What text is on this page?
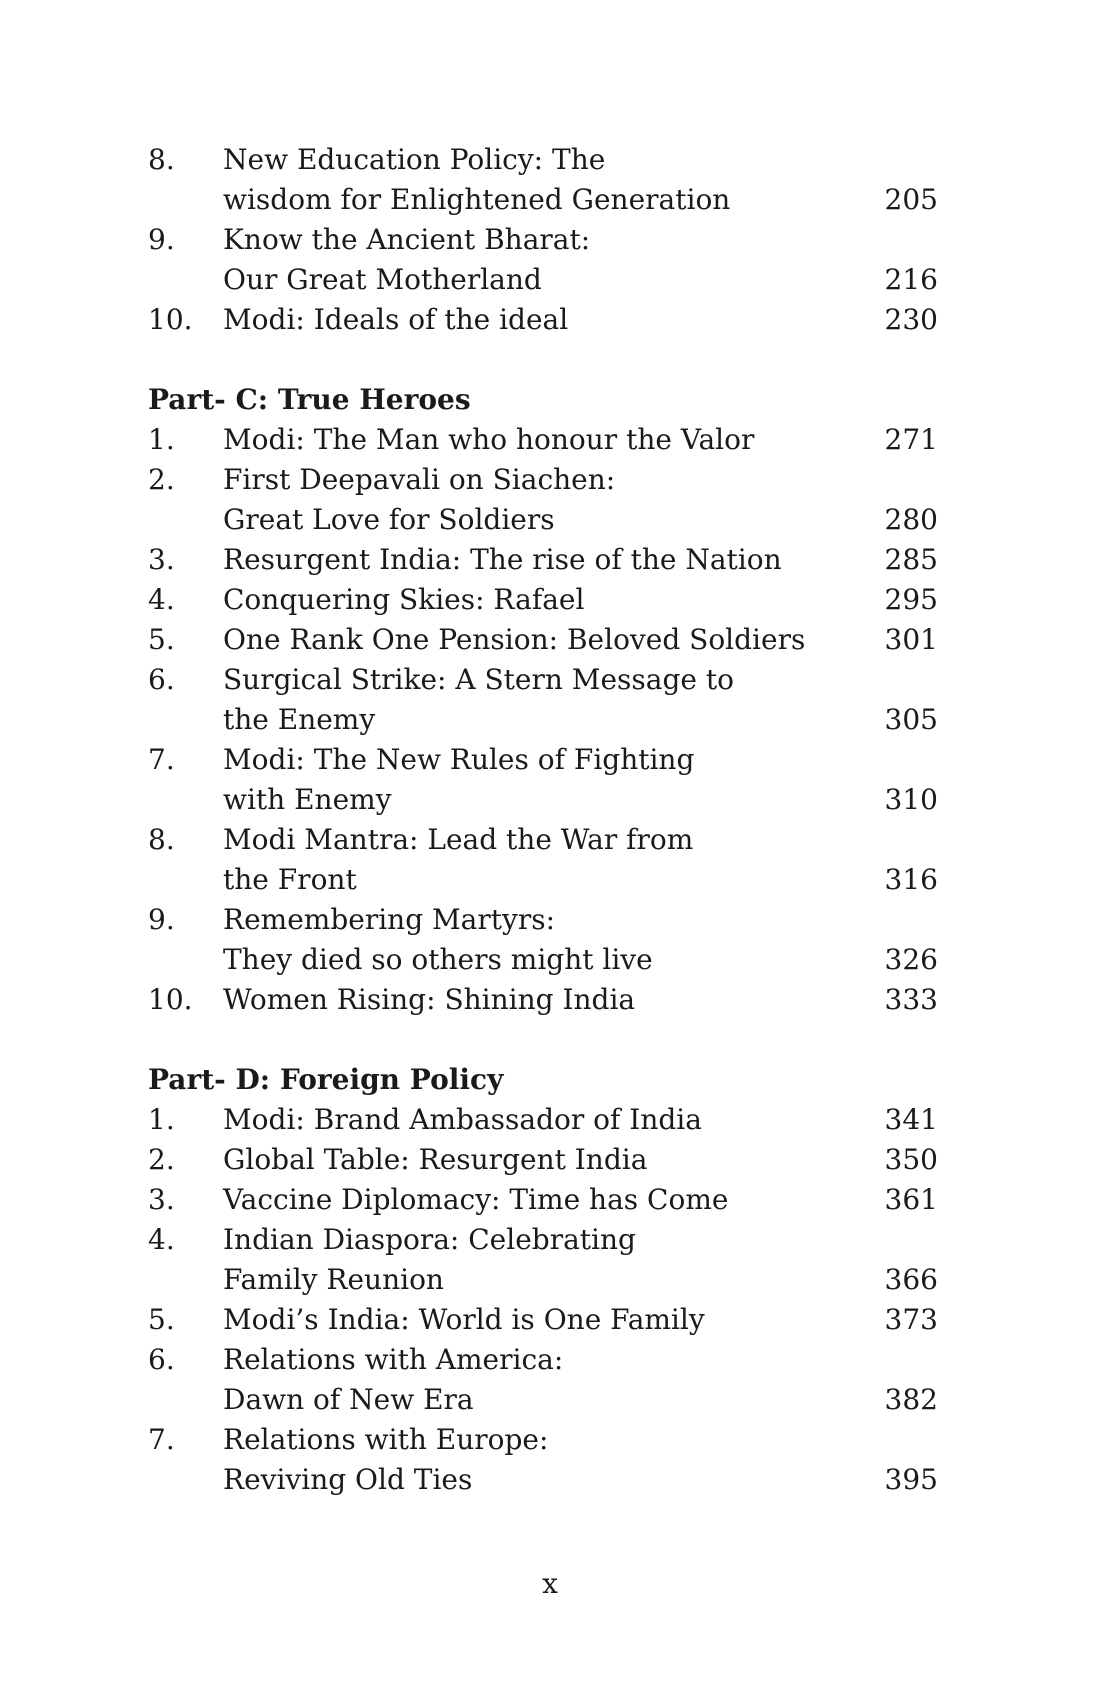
8.	New Education Policy: The
wisdom for Enlightened Generation	205
9.	Know the Ancient Bharat:
Our Great Motherland	216
10.	Modi: Ideals of the ideal	230
Part- C: True Heroes
1.	Modi: The Man who honour the Valor	271
2.	First Deepavali on Siachen:
Great Love for Soldiers	280
3.	Resurgent India: The rise of the Nation	285
4.	Conquering Skies: Rafael	295
5.	One Rank One Pension: Beloved Soldiers	301
6.	Surgical Strike: A Stern Message to
the Enemy	305
7.	Modi: The New Rules of Fighting
with Enemy	310
8.	Modi Mantra: Lead the War from
the Front	316
9.	Remembering Martyrs:
They died so others might live	326
10.	Women Rising: Shining India	333
Part- D: Foreign Policy
1.	Modi: Brand Ambassador of India	341
2.	Global Table: Resurgent India	350
3.	Vaccine Diplomacy: Time has Come	361
4.	Indian Diaspora: Celebrating
Family Reunion	366
5.	Modi’s India: World is One Family	373
6.	Relations with America:
Dawn of New Era	382
7.	Relations with Europe:
Reviving Old Ties	395
x
